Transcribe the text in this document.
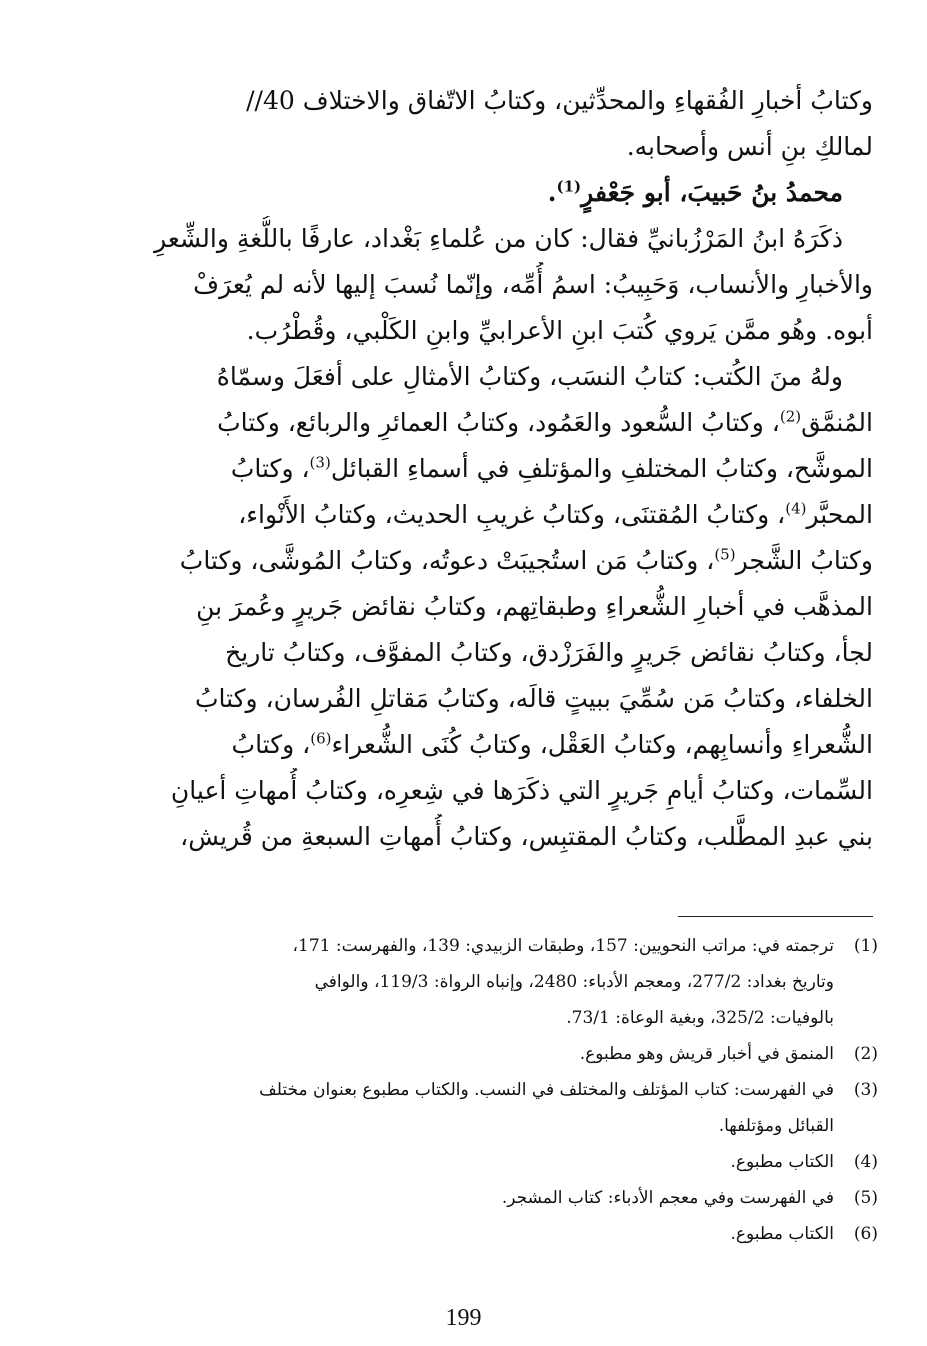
وكتابُ أخبارِ الفُقهاءِ والمحدِّثين، وكتابُ الاتّفاق والاختلاف 40//
لمالكِ بنِ أنس وأصحابه.
محمدُ بنُ حَبيبَ، أبو جَعْفرٍ$^{(1)}$.
ذكَرَهُ ابنُ المَرْزُبانيِّ فقال: كان من عُلماءِ بَغْداد، عارفًا باللُّغةِ والشِّعرِ
والأخبارِ والأنساب، وَحَبِيبُ: اسمُ أُمِّه، وإنّما نُسبَ إليها لأنه لم يُعرَفْ
أبوه. وهُو ممَّن يَروي كُتبَ ابنِ الأعرابيِّ وابنِ الكَلْبي، وقُطْرُب.
ولهُ منَ الكُتب: كتابُ النسَب، وكتابُ الأمثالِ على أفعَلَ وسمّاهُ
المُنمَّق$^{(2)}$، وكتابُ السُّعود والعَمُود، وكتابُ العمائرِ والربائع، وكتابُ
الموشَّح، وكتابُ المختلفِ والمؤتلفِ في أسماءِ القبائل$^{(3)}$، وكتابُ
المحبَّر$^{(4)}$، وكتابُ المُقتنَى، وكتابُ غريبِ الحديث، وكتابُ الأَنْواء،
وكتابُ الشَّجر$^{(5)}$، وكتابُ مَن استُجيبَتْ دعوتُه، وكتابُ المُوشَّى، وكتابُ
المذهَّب في أخبارِ الشُّعراءِ وطبقاتِهم، وكتابُ نقائض جَريرٍ وعُمرَ بنِ
لجأ، وكتابُ نقائض جَريرٍ والفَرَزْدق، وكتابُ المفوَّف، وكتابُ تاريخ
الخلفاء، وكتابُ مَن سُمِّيَ ببيتٍ قالَه، وكتابُ مَقاتلِ الفُرسان، وكتابُ
الشُّعراءِ وأنسابِهم، وكتابُ العَقْل، وكتابُ كُنَى الشُّعراء$^{(6)}$، وكتابُ
السِّمات، وكتابُ أيامِ جَريرٍ التي ذكَرَها في شِعرِه، وكتابُ أُمهاتِ أعيانِ
بني عبدِ المطَّلب، وكتابُ المقتبِس، وكتابُ أُمهاتِ السبعةِ من قُريش،
(1)
ترجمته في: مراتب النحويين: 157، وطبقات الزبيدي: 139، والفهرست: 171،
وتاريخ بغداد: 277/2، ومعجم الأدباء: 2480، وإنباه الرواة: 119/3، والوافي
بالوفيات: 325/2، وبغية الوعاة: 73/1.
(2)
المنمق في أخبار قريش وهو مطبوع.
(3)
في الفهرست: كتاب المؤتلف والمختلف في النسب. والكتاب مطبوع بعنوان مختلف
القبائل ومؤتلفها.
(4)
الكتاب مطبوع.
(5)
في الفهرست وفي معجم الأدباء: كتاب المشجر.
(6)
الكتاب مطبوع.
199
